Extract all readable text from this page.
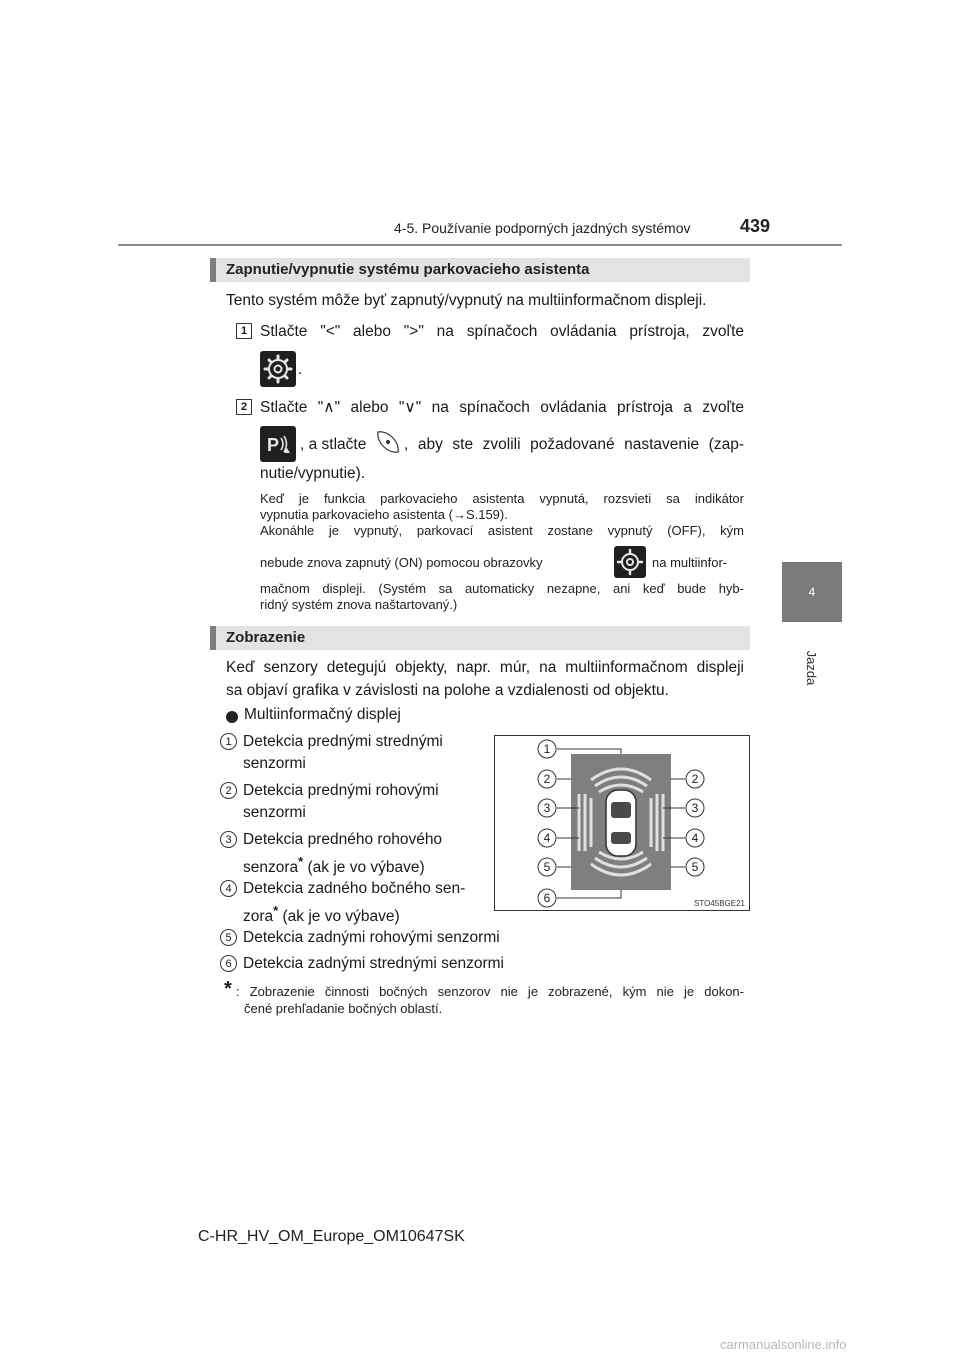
4-5. Používanie podporných jazdných systémov	439
4
Jazda
Zapnutie/vypnutie systému parkovacieho asistenta
Tento systém môže byť zapnutý/vypnutý na multiinformačnom displeji.
1 Stlačte "<" alebo ">" na spínačoch ovládania prístroja, zvoľte
.
2 Stlačte "∧" alebo "∨" na spínačoch ovládania prístroja a zvoľte
P , a stlačte , aby ste zvolili požadované nastavenie (zap-
nutie/vypnutie).
Keď je funkcia parkovacieho asistenta vypnutá, rozsvieti sa indikátor
vypnutia parkovacieho asistenta (→S.159).
Akonáhle je vypnutý, parkovací asistent zostane vypnutý (OFF), kým
nebude znova zapnutý (ON) pomocou obrazovky	na multiinfor-
mačnom displeji. (Systém sa automaticky nezapne, ani keď bude hyb-
ridný systém znova naštartovaný.)
Zobrazenie
Keď senzory detegujú objekty, napr. múr, na multiinformačnom displeji
sa objaví grafika v závislosti na polohe a vzdialenosti od objektu.
Multiinformačný displej
1 Detekcia prednými strednými
senzormi
2 Detekcia prednými rohovými
senzormi
3 Detekcia predného rohového
senzora* (ak je vo výbave)
4 Detekcia zadného bočného sen-
zora* (ak je vo výbave)
5 Detekcia zadnými rohovými senzormi
6 Detekcia zadnými strednými senzormi
* : Zobrazenie činnosti bočných senzorov nie je zobrazené, kým nie je dokon-
čené prehľadanie bočných oblastí.
1
2	2
3	3
4	4
5	5
6	STO45BGE21
C-HR_HV_OM_Europe_OM10647SK
carmanualsonline.info
